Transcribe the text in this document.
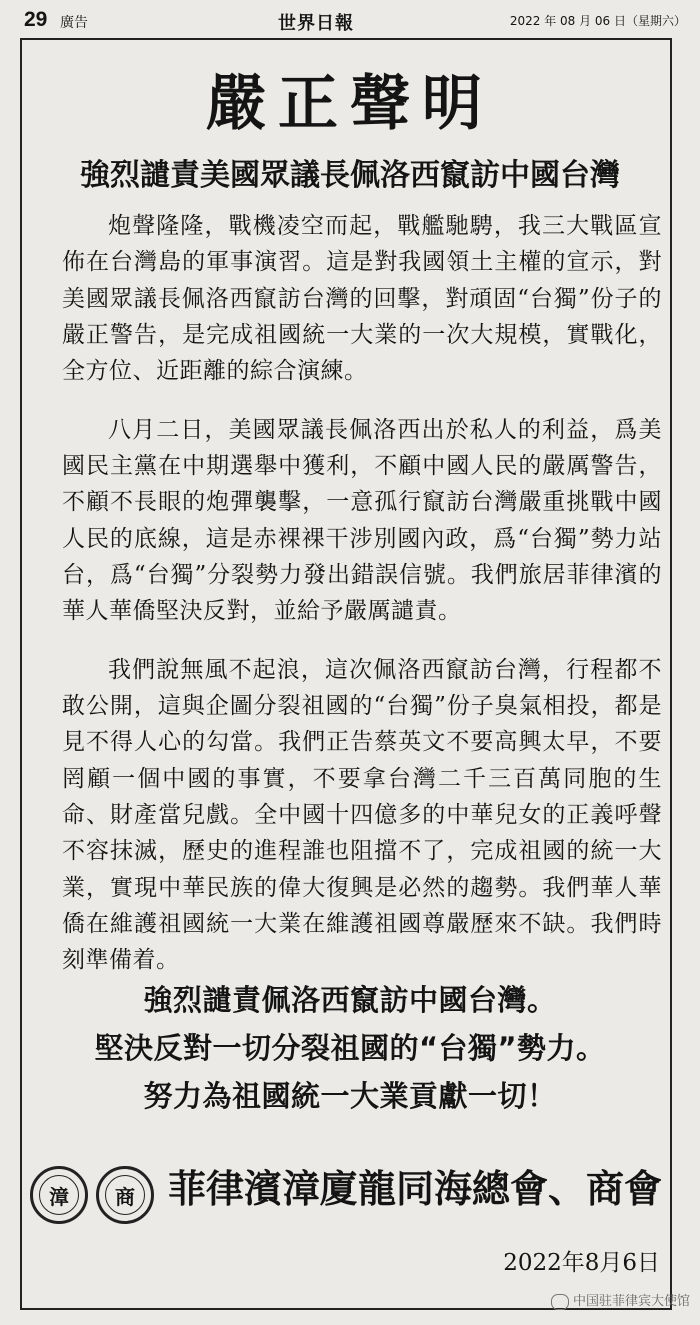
29 廣告	世界日報	2022 年 08 月 06 日（星期六）
嚴正聲明
強烈譴責美國眾議長佩洛西竄訪中國台灣

炮聲隆隆，戰機凌空而起，戰艦馳騁，我三大戰區宣佈在台灣島的軍事演習。這是對我國領土主權的宣示，對美國眾議長佩洛西竄訪台灣的回擊，對頑固“台獨”份子的嚴正警告，是完成祖國統一大業的一次大規模，實戰化，全方位、近距離的綜合演練。

八月二日，美國眾議長佩洛西出於私人的利益，爲美國民主黨在中期選舉中獲利，不顧中國人民的嚴厲警告，不顧不長眼的炮彈襲擊，一意孤行竄訪台灣嚴重挑戰中國人民的底線，這是赤裸裸干涉別國內政，爲“台獨”勢力站台，爲“台獨”分裂勢力發出錯誤信號。我們旅居菲律濱的華人華僑堅決反對，並給予嚴厲譴責。

我們說無風不起浪，這次佩洛西竄訪台灣，行程都不敢公開，這與企圖分裂祖國的“台獨”份子臭氣相投，都是見不得人心的勾當。我們正告蔡英文不要高興太早，不要罔顧一個中國的事實，不要拿台灣二千三百萬同胞的生命、財產當兒戲。全中國十四億多的中華兒女的正義呼聲不容抹滅，歷史的進程誰也阻擋不了，完成祖國的統一大業，實現中華民族的偉大復興是必然的趨勢。我們華人華僑在維護祖國統一大業在維護祖國尊嚴歷來不缺。我們時刻準備着。

強烈譴責佩洛西竄訪中國台灣。
堅決反對一切分裂祖國的“台獨”勢力。
努力為祖國統一大業貢獻一切！
漳	商 菲律濱漳廈龍同海總會、商會
2022年8月6日
中国驻菲律宾大使馆
